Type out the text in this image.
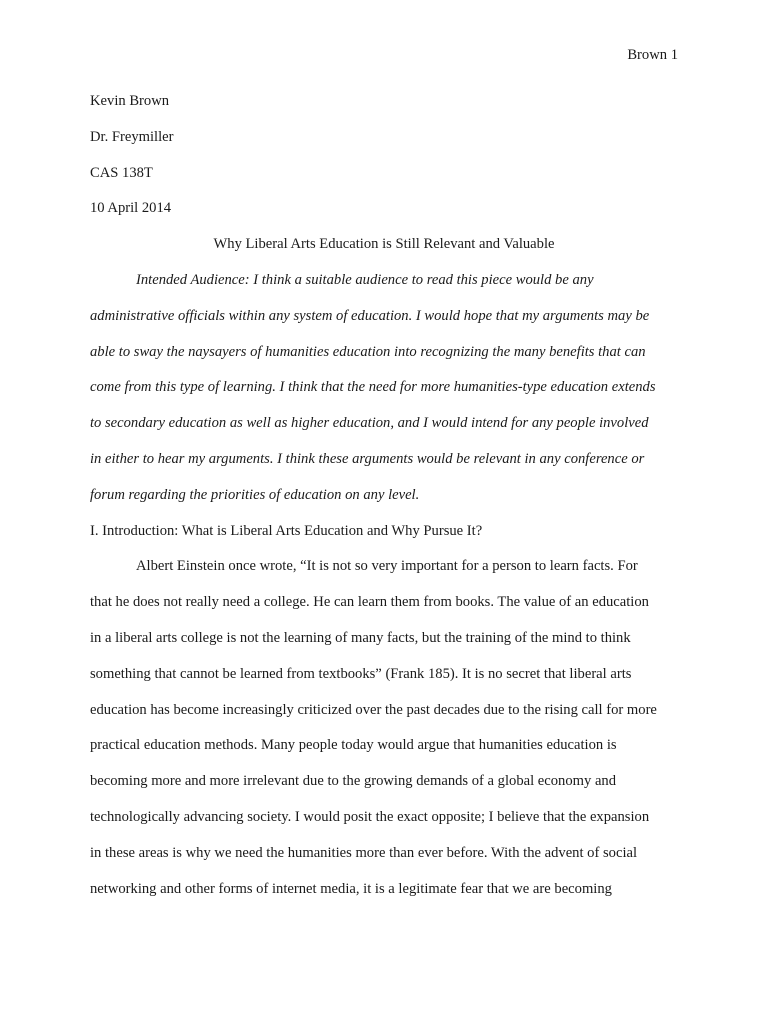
Brown 1
Kevin Brown
Dr. Freymiller
CAS 138T
10 April 2014
Why Liberal Arts Education is Still Relevant and Valuable
Intended Audience: I think a suitable audience to read this piece would be any
administrative officials within any system of education. I would hope that my arguments may be
able to sway the naysayers of humanities education into recognizing the many benefits that can
come from this type of learning. I think that the need for more humanities-type education extends
to secondary education as well as higher education, and I would intend for any people involved
in either to hear my arguments. I think these arguments would be relevant in any conference or
forum regarding the priorities of education on any level.
I. Introduction: What is Liberal Arts Education and Why Pursue It?
Albert Einstein once wrote, “It is not so very important for a person to learn facts. For
that he does not really need a college. He can learn them from books. The value of an education
in a liberal arts college is not the learning of many facts, but the training of the mind to think
something that cannot be learned from textbooks” (Frank 185). It is no secret that liberal arts
education has become increasingly criticized over the past decades due to the rising call for more
practical education methods. Many people today would argue that humanities education is
becoming more and more irrelevant due to the growing demands of a global economy and
technologically advancing society. I would posit the exact opposite; I believe that the expansion
in these areas is why we need the humanities more than ever before. With the advent of social
networking and other forms of internet media, it is a legitimate fear that we are becoming
